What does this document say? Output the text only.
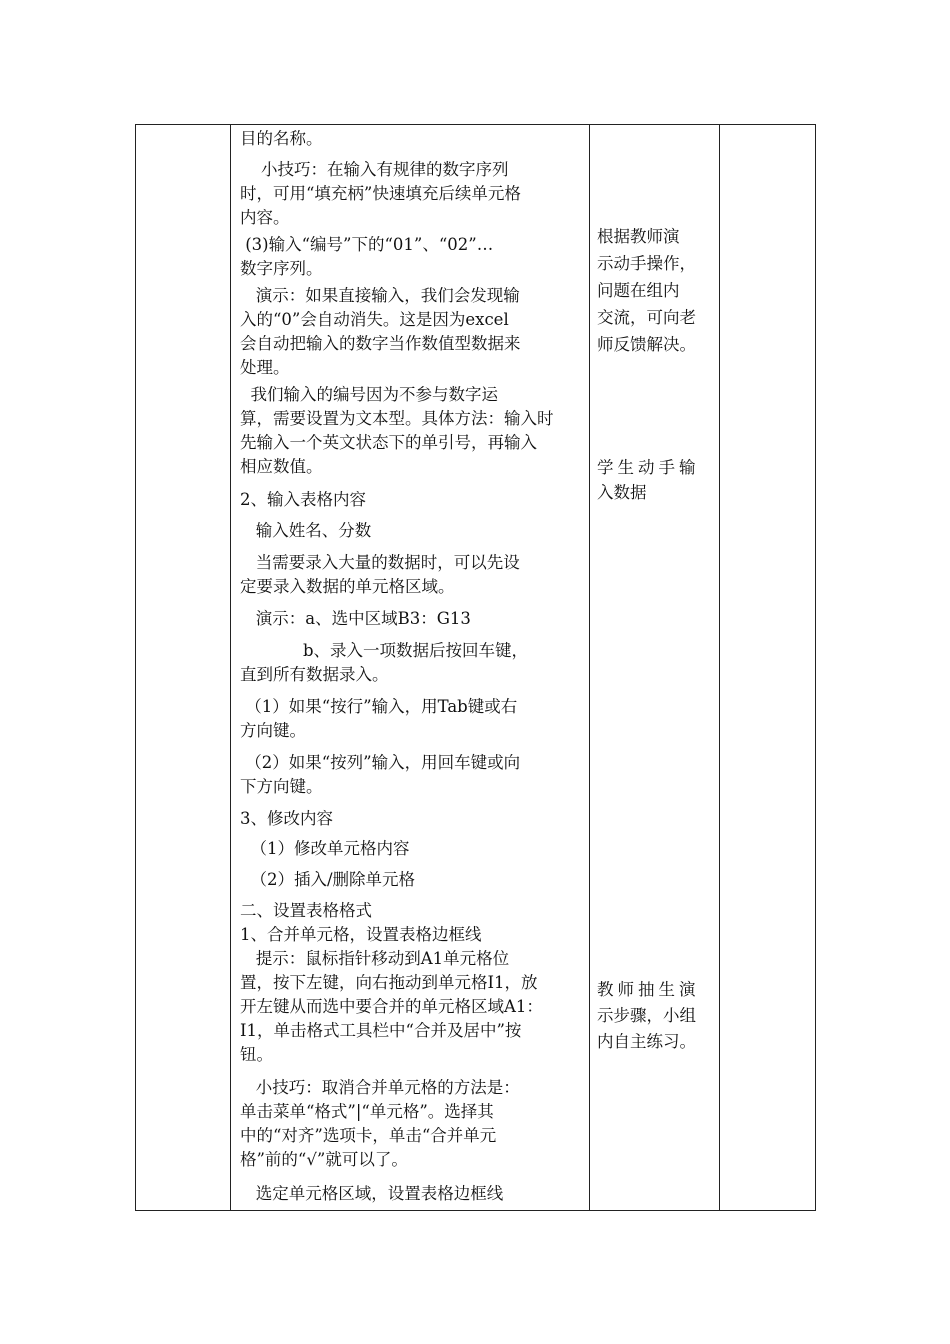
目的名称。
小技巧：在输入有规律的数字序列
时，可用“填充柄”快速填充后续单元格
内容。
(3)输入“编号”下的“01”、“02”…
数字序列。
演示：如果直接输入，我们会发现输
入的“0”会自动消失。这是因为excel
会自动把输入的数字当作数值型数据来
处理。
我们输入的编号因为不参与数字运
算，需要设置为文本型。具体方法：输入时
先输入一个英文状态下的单引号，再输入
相应数值。
2、输入表格内容
输入姓名、分数
当需要录入大量的数据时，可以先设
定要录入数据的单元格区域。
演示：a、选中区域B3：G13
b、录入一项数据后按回车键，
直到所有数据录入。
（1）如果“按行”输入，用Tab键或右
方向键。
（2）如果“按列”输入，用回车键或向
下方向键。
3、修改内容
（1）修改单元格内容
（2）插入/删除单元格
二、设置表格格式
1、合并单元格，设置表格边框线
提示：鼠标指针移动到A1单元格位
置，按下左键，向右拖动到单元格I1，放
开左键从而选中要合并的单元格区域A1：
I1，单击格式工具栏中“合并及居中”按
钮。
小技巧：取消合并单元格的方法是：
单击菜单“格式”|“单元格”。选择其
中的“对齐”选项卡，单击“合并单元
格”前的“√”就可以了。
选定单元格区域，设置表格边框线
根据教师演
示动手操作，
问题在组内
交流，可向老
师反馈解决。
学生动手输
入数据
教师抽生演
示步骤，小组
内自主练习。
